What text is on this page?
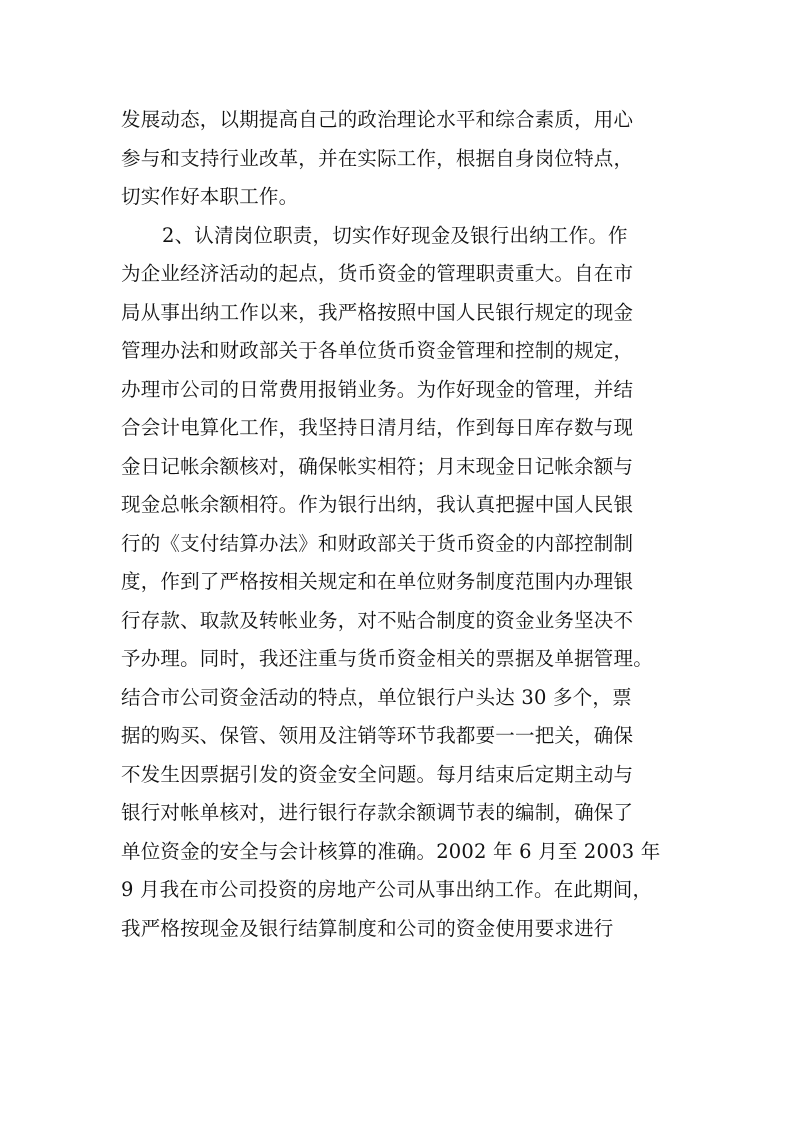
发展动态，以期提高自己的政治理论水平和综合素质，用心
参与和支持行业改革，并在实际工作，根据自身岗位特点，
切实作好本职工作。
2、认清岗位职责，切实作好现金及银行出纳工作。作
为企业经济活动的起点，货币资金的管理职责重大。自在市
局从事出纳工作以来，我严格按照中国人民银行规定的现金
管理办法和财政部关于各单位货币资金管理和控制的规定，
办理市公司的日常费用报销业务。为作好现金的管理，并结
合会计电算化工作，我坚持日清月结，作到每日库存数与现
金日记帐余额核对，确保帐实相符；月末现金日记帐余额与
现金总帐余额相符。作为银行出纳，我认真把握中国人民银
行的《支付结算办法》和财政部关于货币资金的内部控制制
度，作到了严格按相关规定和在单位财务制度范围内办理银
行存款、取款及转帐业务，对不贴合制度的资金业务坚决不
予办理。同时，我还注重与货币资金相关的票据及单据管理。
结合市公司资金活动的特点，单位银行户头达 30 多个，票
据的购买、保管、领用及注销等环节我都要一一把关，确保
不发生因票据引发的资金安全问题。每月结束后定期主动与
银行对帐单核对，进行银行存款余额调节表的编制，确保了
单位资金的安全与会计核算的准确。2002 年 6 月至 2003 年
9 月我在市公司投资的房地产公司从事出纳工作。在此期间，
我严格按现金及银行结算制度和公司的资金使用要求进行
